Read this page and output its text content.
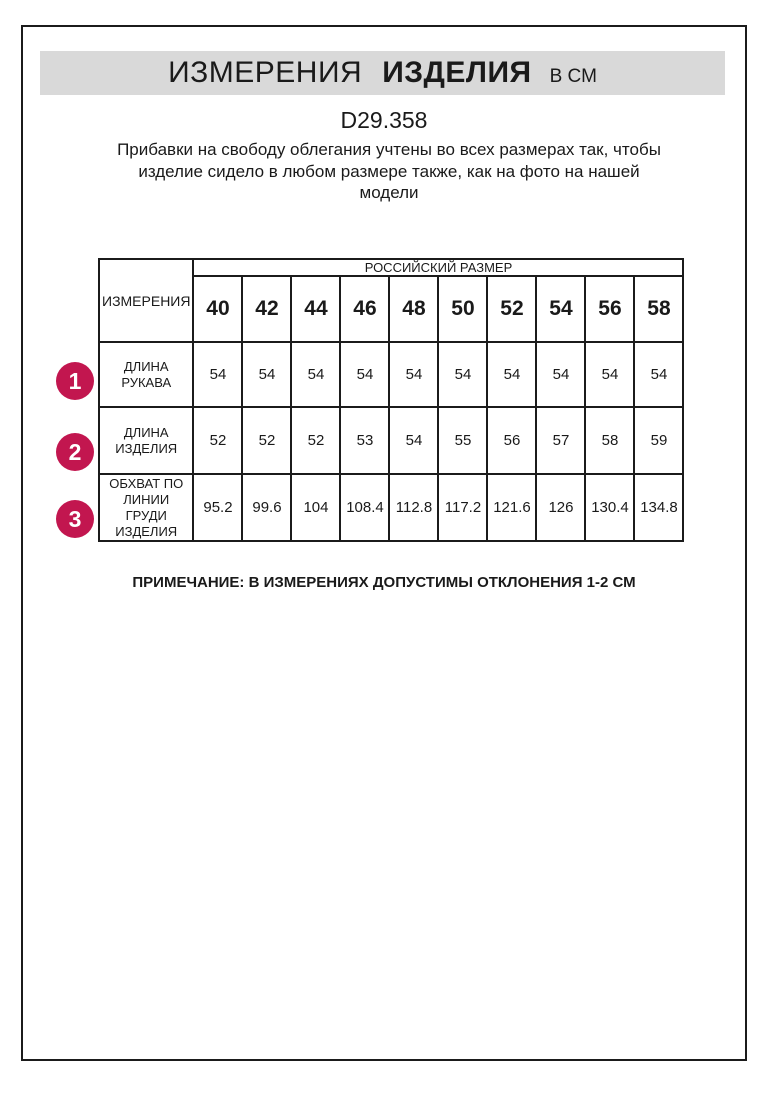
ИЗМЕРЕНИЯ ИЗДЕЛИЯ В СМ
D29.358
Прибавки на свободу облегания учтены во всех размерах так, чтобы
изделие сидело в любом размере также, как на фото на нашей
модели
ИЗМЕРЕНИЯ	РОССИЙСКИЙ РАЗМЕР									
	40	42	44	46	48	50	52	54	56	58
ДЛИНА РУКАВА	54	54	54	54	54	54	54	54	54	54
ДЛИНА ИЗДЕЛИЯ	52	52	52	53	54	55	56	57	58	59
ОБХВАТ ПО ЛИНИИ ГРУДИ ИЗДЕЛИЯ	95.2	99.6	104	108.4	112.8	117.2	121.6	126	130.4	134.8
1
2
3
ПРИМЕЧАНИЕ: В ИЗМЕРЕНИЯХ ДОПУСТИМЫ ОТКЛОНЕНИЯ 1-2 СМ
